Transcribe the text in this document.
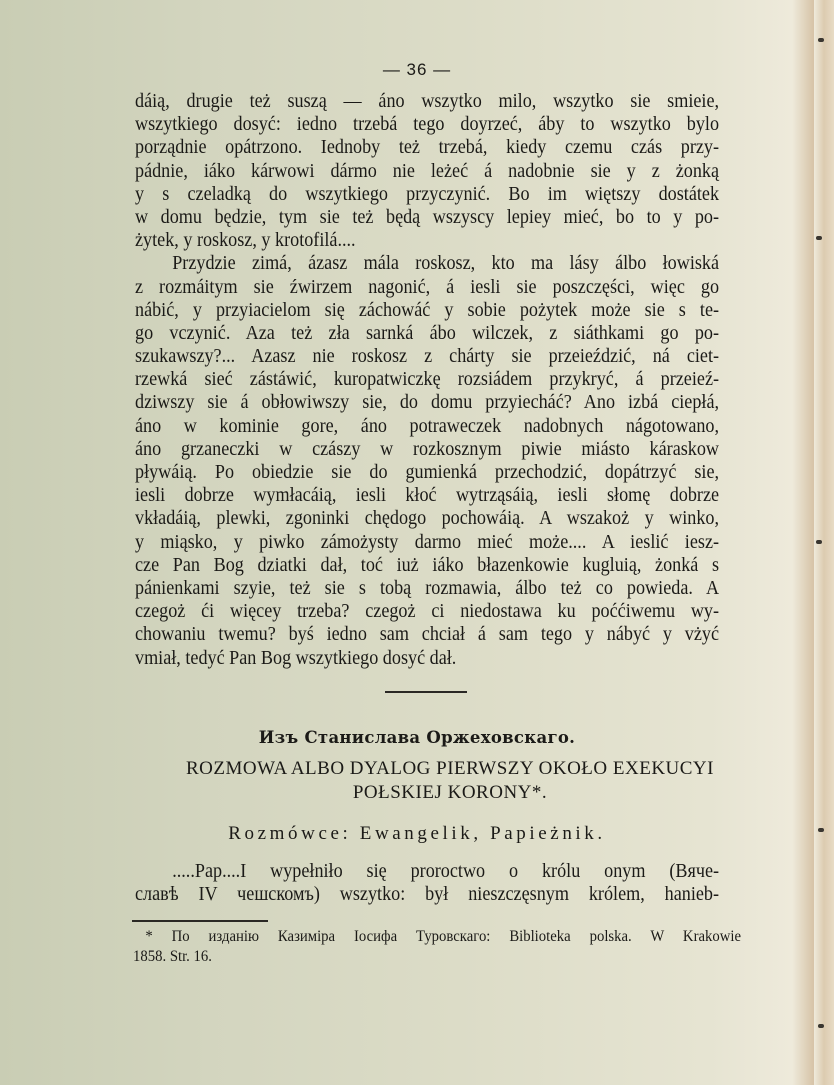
— 36 —
dáią, drugie też suszą — áno wszytko milo, wszytko sie smieie,
wszytkiego dosyć: iedno trzebá tego doyrzeć, áby to wszytko bylo
porządnie opátrzono. Iednoby też trzebá, kiedy czemu czás przy-
pádnie, iáko kárwowi dármo nie leżeć á nadobnie sie y z żonką
y s czeladką do wszytkiego przyczynić. Bo im więtszy dostátek
w domu będzie, tym sie też będą wszyscy lepiey mieć, bo to y po-
żytek, y roskosz, y krotofilá....
Przydzie zimá, ázasz mála roskosz, kto ma lásy álbo łowiská
z rozmáitym sie źwirzem nagonić, á iesli sie poszczęści, więc go
nábić, y przyiacielom się záchowáć y sobie pożytek może sie s te-
go vczynić. Aza też zła sarnká ábo wilczek, z siáthkami go po-
szukawszy?... Azasz nie roskosz z chárty sie przeieździć, ná ciet-
rzewká sieć zástáwić, kuropatwiczkę rozsiádem przykryć, á przeieź-
dziwszy sie á obłowiwszy sie, do domu przyiecháć? Ano izbá ciepłá,
áno w kominie gore, áno potraweczek nadobnych nágotowano,
áno grzaneczki w czászy w rozkosznym piwie miásto káraskow
pływáią. Po obiedzie sie do gumienká przechodzić, dopátrzyć sie,
iesli dobrze wymłacáią, iesli kłoć wytrząsáią, iesli słomę dobrze
vkładáią, plewki, zgoninki chędogo pochowáią. A wszakoż y winko,
y miąsko, y piwko zámożysty darmo mieć może.... A ieslić iesz-
cze Pan Bog dziatki dał, toć iuż iáko błazenkowie kugluią, żonká s
pánienkami szyie, też sie s tobą rozmawia, álbo też co powieda. A
czegoż ći więcey trzeba? czegoż ci niedostawa ku poććiwemu wy-
chowaniu twemu? byś iedno sam chciał á sam tego y nábyć y vżyć
vmiał, tedyć Pan Bog wszytkiego dosyć dał.
Изъ Станислава Оржеховскаго.
ROZMOWA ALBO DYALOG PIERWSZY OKOŁO EXEKUCYI
POŁSKIEJ KORONY*.
Rozmówce: Ewangelik, Papieżnik.
.....Pap....I wypełniło się proroctwo o królu onym (Вяче-
славѣ IV чешскомъ) wszytko: był nieszczęsnym królem, hanieb-
* По изданію Казиміра Іосифа Туровскаго: Biblioteka polska. W Krakowie
1858. Str. 16.
